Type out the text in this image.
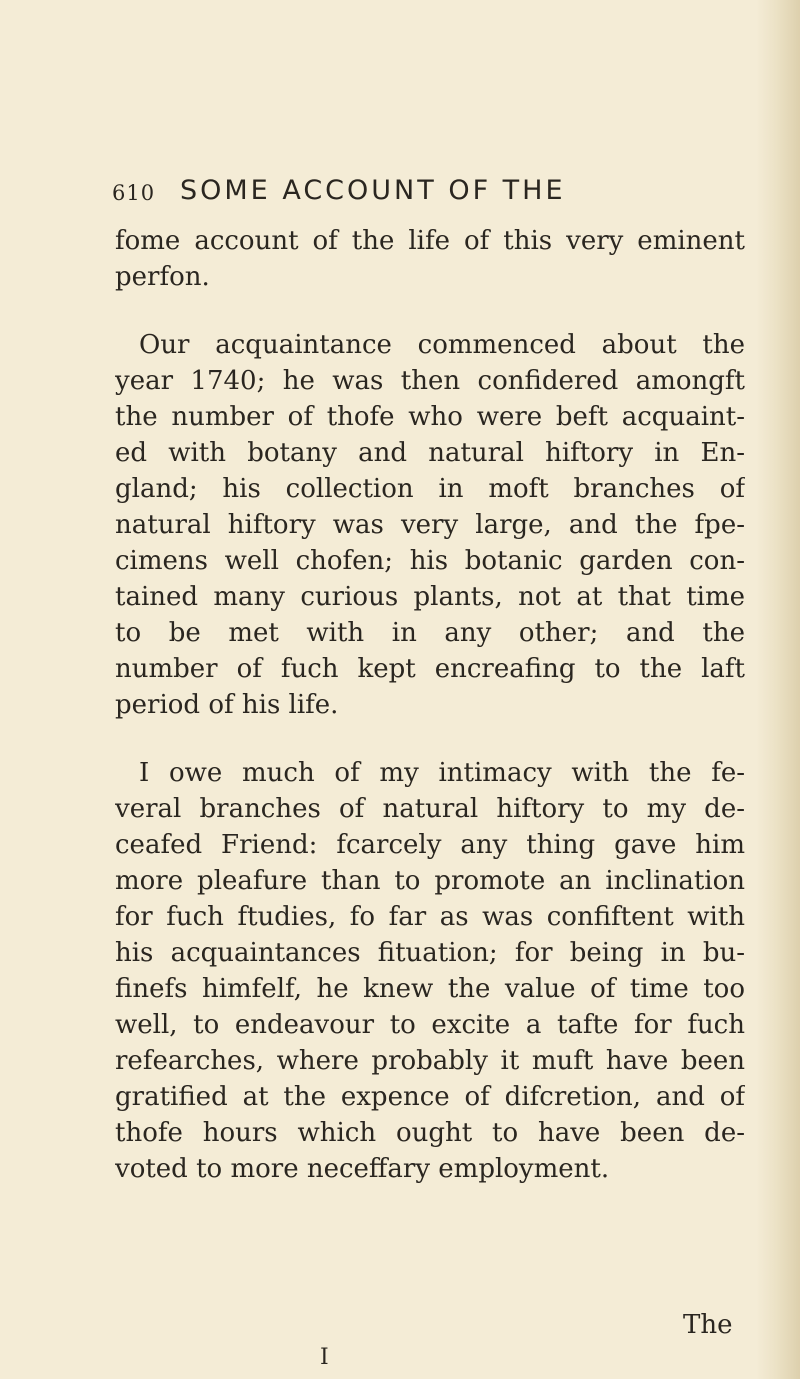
610 SOME ACCOUNT OF THE
fome account of the life of this very eminent
perfon.
Our acquaintance commenced about the
year 1740; he was then confidered amongft
the number of thofe who were beft acquaint-
ed with botany and natural hiftory in En-
gland; his collection in moft branches of
natural hiftory was very large, and the fpe-
cimens well chofen; his botanic garden con-
tained many curious plants, not at that time
to be met with in any other; and the
number of fuch kept encreafing to the laft
period of his life.
I owe much of my intimacy with the fe-
veral branches of natural hiftory to my de-
ceafed Friend: fcarcely any thing gave him
more pleafure than to promote an inclination
for fuch ftudies, fo far as was confiftent with
his acquaintances fituation; for being in bu-
finefs himfelf, he knew the value of time too
well, to endeavour to excite a tafte for fuch
refearches, where probably it muft have been
gratified at the expence of difcretion, and of
thofe hours which ought to have been de-
voted to more neceffary employment.
The
I
